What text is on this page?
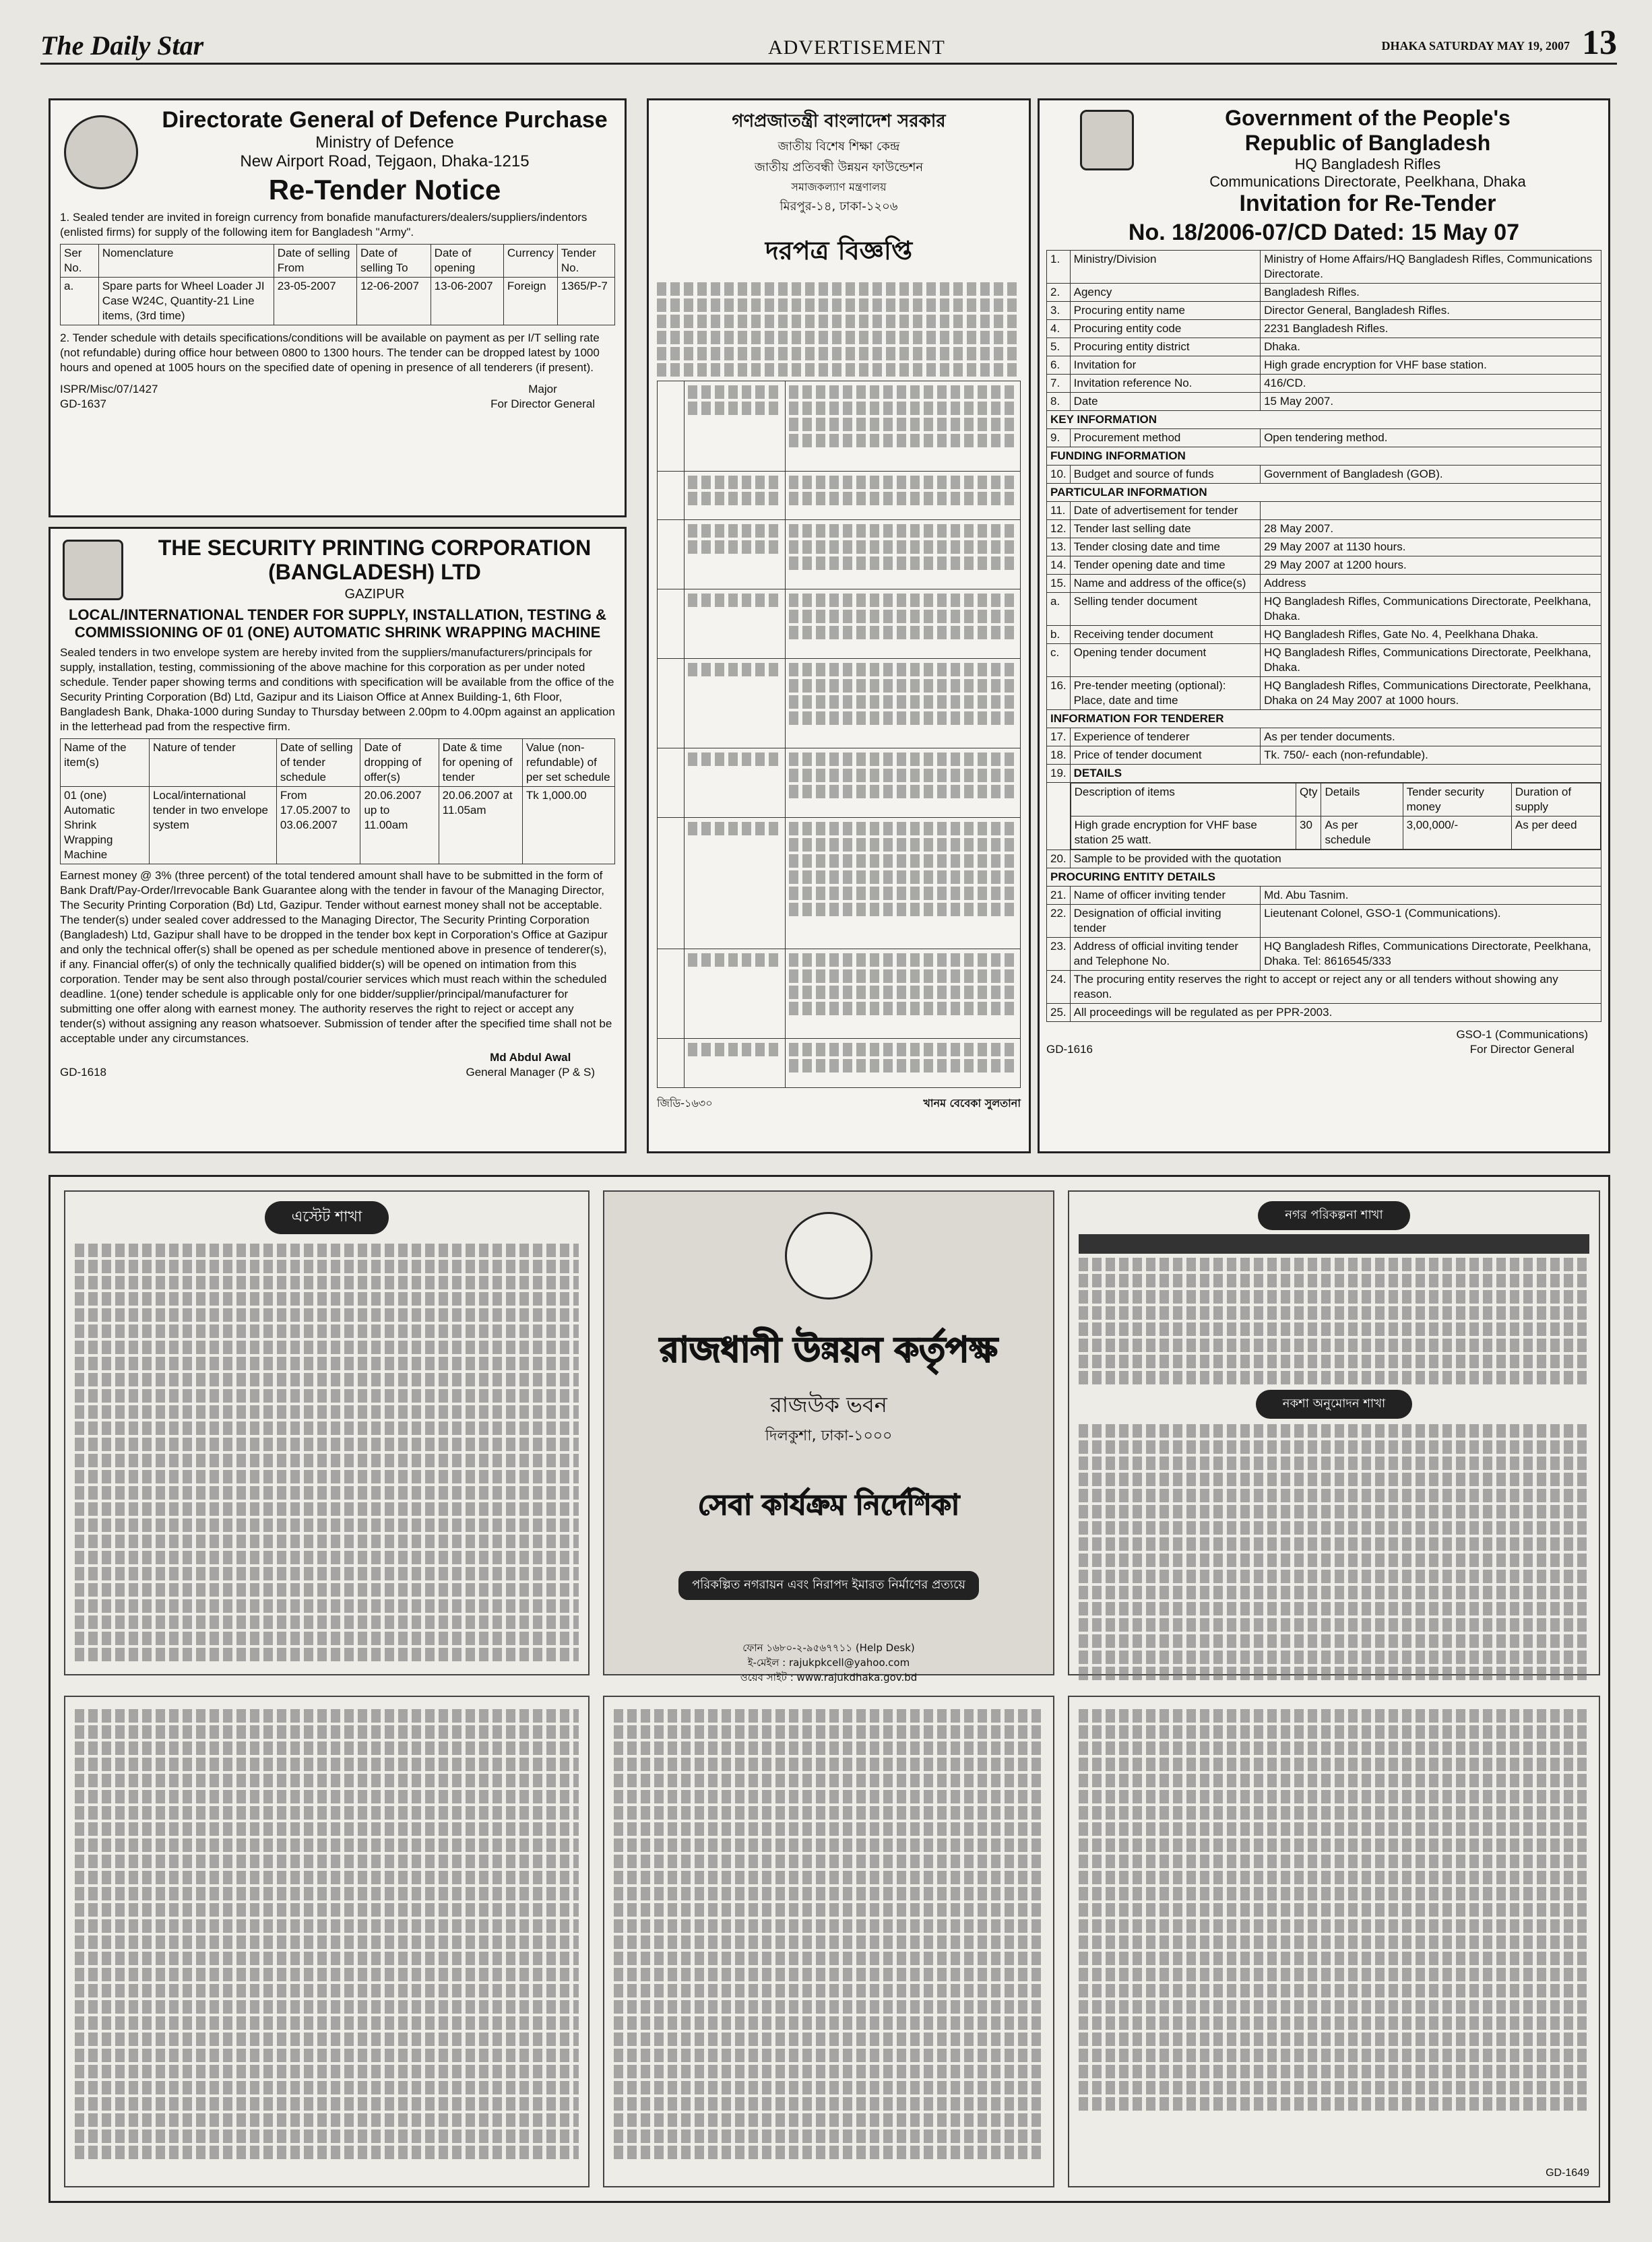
The Daily Star	ADVERTISEMENT	DHAKA SATURDAY MAY 19, 2007 13
Directorate General of Defence Purchase
Ministry of Defence
New Airport Road, Tejgaon, Dhaka-1215
Re-Tender Notice
1. Sealed tender are invited in foreign currency from bonafide manufacturers/dealers/suppliers/indentors (enlisted firms) for supply of the following item for Bangladesh "Army".
Ser No.	Nomenclature	Date of selling From	Date of selling To	Date of opening	Currency	Tender No.
a.	Spare parts for Wheel Loader JI Case W24C, Quantity-21 Line items, (3rd time)	23-05-2007	12-06-2007	13-06-2007	Foreign	1365/P-7
2. Tender schedule with details specifications/conditions will be available on payment as per I/T selling rate (not refundable) during office hour between 0800 to 1300 hours. The tender can be dropped latest by 1000 hours and opened at 1005 hours on the specified date of opening in presence of all tenderers (if present).
ISPR/Misc/07/1427
GD-1637
Major
For Director General
THE SECURITY PRINTING CORPORATION (BANGLADESH) LTD
GAZIPUR
LOCAL/INTERNATIONAL TENDER FOR SUPPLY, INSTALLATION, TESTING & COMMISSIONING OF 01 (ONE) AUTOMATIC SHRINK WRAPPING MACHINE
Sealed tenders in two envelope system are hereby invited from the suppliers/manufacturers/principals for supply, installation, testing, commissioning of the above machine for this corporation as per under noted schedule. Tender paper showing terms and conditions with specification will be available from the office of the Security Printing Corporation (Bd) Ltd, Gazipur and its Liaison Office at Annex Building-1, 6th Floor, Bangladesh Bank, Dhaka-1000 during Sunday to Thursday between 2.00pm to 4.00pm against an application in the letterhead pad from the respective firm.
Name of the item(s)	Nature of tender	Date of selling of tender schedule	Date of dropping of offer(s)	Date & time for opening of tender	Value (non-refundable) of per set schedule
01 (one) Automatic Shrink Wrapping Machine	Local/international tender in two envelope system	From 17.05.2007 to 03.06.2007	20.06.2007 up to 11.00am	20.06.2007 at 11.05am	Tk 1,000.00
Earnest money @ 3% (three percent) of the total tendered amount shall have to be submitted in the form of Bank Draft/Pay-Order/Irrevocable Bank Guarantee along with the tender in favour of the Managing Director, The Security Printing Corporation (Bd) Ltd, Gazipur. Tender without earnest money shall not be acceptable. The tender(s) under sealed cover addressed to the Managing Director, The Security Printing Corporation (Bangladesh) Ltd, Gazipur shall have to be dropped in the tender box kept in Corporation's Office at Gazipur and only the technical offer(s) shall be opened as per schedule mentioned above in presence of tenderer(s), if any. Financial offer(s) of only the technically qualified bidder(s) will be opened on intimation from this corporation. Tender may be sent also through postal/courier services which must reach within the scheduled deadline. 1(one) tender schedule is applicable only for one bidder/supplier/principal/manufacturer for submitting one offer along with earnest money. The authority reserves the right to reject or accept any tender(s) without assigning any reason whatsoever. Submission of tender after the specified time shall not be acceptable under any circumstances.
GD-1618
Md Abdul Awal
General Manager (P & S)
গণপ্রজাতন্ত্রী বাংলাদেশ সরকার
জাতীয় বিশেষ শিক্ষা কেন্দ্র
জাতীয় প্রতিবন্ধী উন্নয়ন ফাউন্ডেশন
সমাজকল্যাণ মন্ত্রণালয়
মিরপুর-১৪, ঢাকা-১২০৬
দরপত্র বিজ্ঞপ্তি

জিডি-১৬৩০	খানম বেবেকা সুলতানা
Government of the People's
Republic of Bangladesh
HQ Bangladesh Rifles
Communications Directorate, Peelkhana, Dhaka
Invitation for Re-Tender
No. 18/2006-07/CD Dated: 15 May 07
1.	Ministry/Division	Ministry of Home Affairs/HQ Bangladesh Rifles, Communications Directorate.
2.	Agency	Bangladesh Rifles.
3.	Procuring entity name	Director General, Bangladesh Rifles.
4.	Procuring entity code	2231 Bangladesh Rifles.
5.	Procuring entity district	Dhaka.
6.	Invitation for	High grade encryption for VHF base station.
7.	Invitation reference No.	416/CD.
8.	Date	15 May 2007.
KEY INFORMATION
9.	Procurement method	Open tendering method.
FUNDING INFORMATION
10.	Budget and source of funds	Government of Bangladesh (GOB).
PARTICULAR INFORMATION
11.	Date of advertisement for tender	
12.	Tender last selling date	28 May 2007.
13.	Tender closing date and time	29 May 2007 at 1130 hours.
14.	Tender opening date and time	29 May 2007 at 1200 hours.
15.	Name and address of the office(s)	Address
a.	Selling tender document	HQ Bangladesh Rifles, Communications Directorate, Peelkhana, Dhaka.
b.	Receiving tender document	HQ Bangladesh Rifles, Gate No. 4, Peelkhana Dhaka.
c.	Opening tender document	HQ Bangladesh Rifles, Communications Directorate, Peelkhana, Dhaka.
16.	Pre-tender meeting (optional): Place, date and time	HQ Bangladesh Rifles, Communications Directorate, Peelkhana, Dhaka on 24 May 2007 at 1000 hours.
INFORMATION FOR TENDERER
17.	Experience of tenderer	As per tender documents.
18.	Price of tender document	Tk. 750/- each (non-refundable).
19.	DETAILS

Description of items	Qty	Details	Tender security money	Duration of supply
High grade encryption for VHF base station 25 watt.	30	As per schedule	3,00,000/-	As per deed

20.	Sample to be provided with the quotation
PROCURING ENTITY DETAILS
21.	Name of officer inviting tender	Md. Abu Tasnim.
22.	Designation of official inviting tender	Lieutenant Colonel, GSO-1 (Communications).
23.	Address of official inviting tender and Telephone No.	HQ Bangladesh Rifles, Communications Directorate, Peelkhana, Dhaka. Tel: 8616545/333
24.	The procuring entity reserves the right to accept or reject any or all tenders without showing any reason.
25.	All proceedings will be regulated as per PPR-2003.
GD-1616
GSO-1 (Communications)
For Director General
এস্টেট শাখা
রাজধানী উন্নয়ন কর্তৃপক্ষ
রাজউক ভবন
দিলকুশা, ঢাকা-১০০০
সেবা কার্যক্রম নির্দেশিকা
পরিকল্পিত নগরায়ন এবং নিরাপদ ইমারত নির্মাণের প্রত্যয়ে
ফোন ১৬৮০-২-৯৫৬৭৭১১ (Help Desk)
ই-মেইল : rajukpkcell@yahoo.com
ওয়েব সাইট : www.rajukdhaka.gov.bd
নগর পরিকল্পনা শাখা

নকশা অনুমোদন শাখা
GD-1649
